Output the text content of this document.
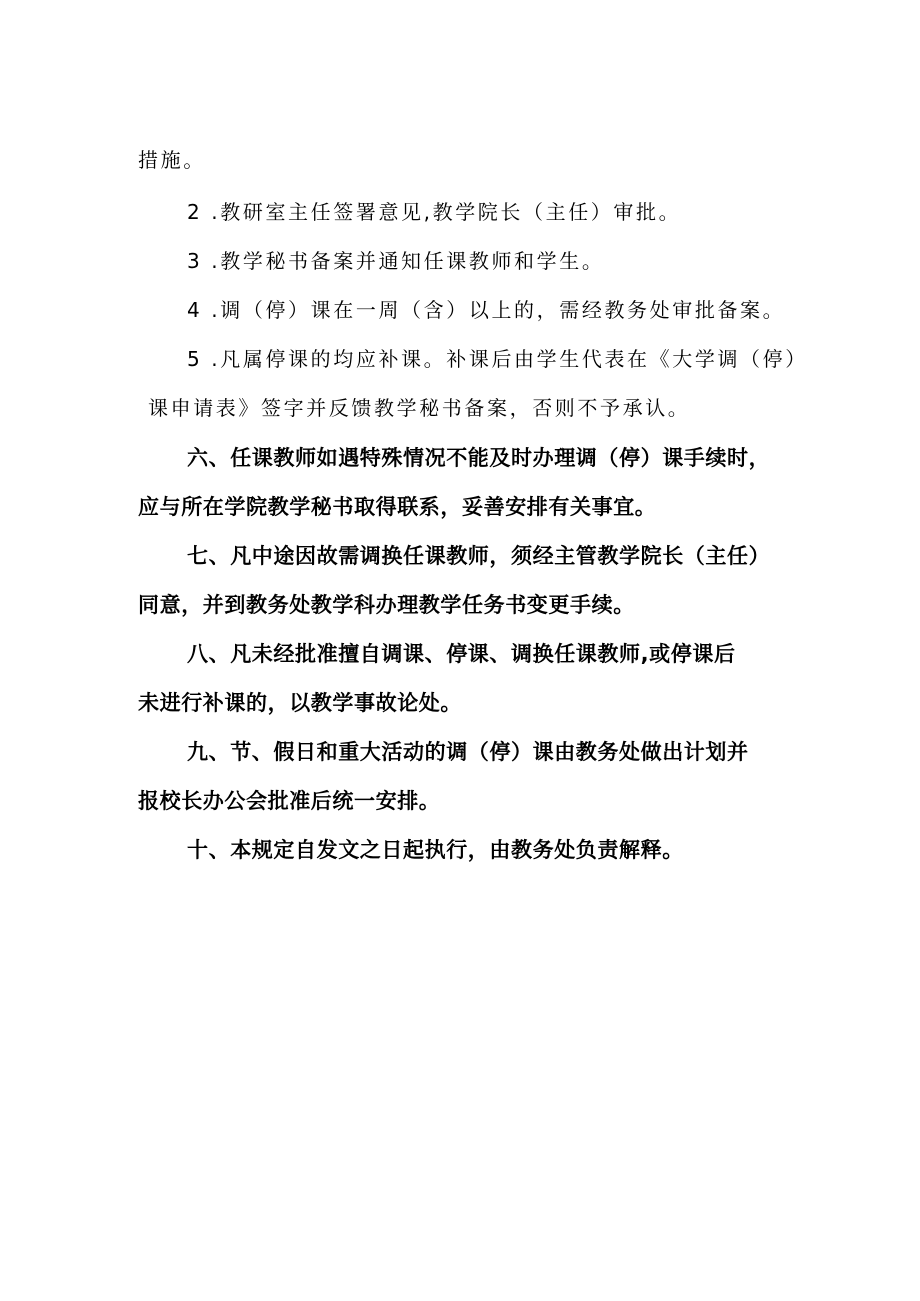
措施。

2 .教研室主任签署意见,教学院长（主任）审批。

3 .教学秘书备案并通知任课教师和学生。

4 .调（停）课在一周（含）以上的，需经教务处审批备案。

5 .凡属停课的均应补课。补课后由学生代表在《大学调（停）

课申请表》签字并反馈教学秘书备案，否则不予承认。

六、任课教师如遇特殊情况不能及时办理调（停）课手续时，

应与所在学院教学秘书取得联系，妥善安排有关事宜。

七、凡中途因故需调换任课教师，须经主管教学院长（主任）

同意，并到教务处教学科办理教学任务书变更手续。

八、凡未经批准擅自调课、停课、调换任课教师,或停课后

未进行补课的，以教学事故论处。

九、节、假日和重大活动的调（停）课由教务处做出计划并

报校长办公会批准后统一安排。

十、本规定自发文之日起执行，由教务处负责解释。
